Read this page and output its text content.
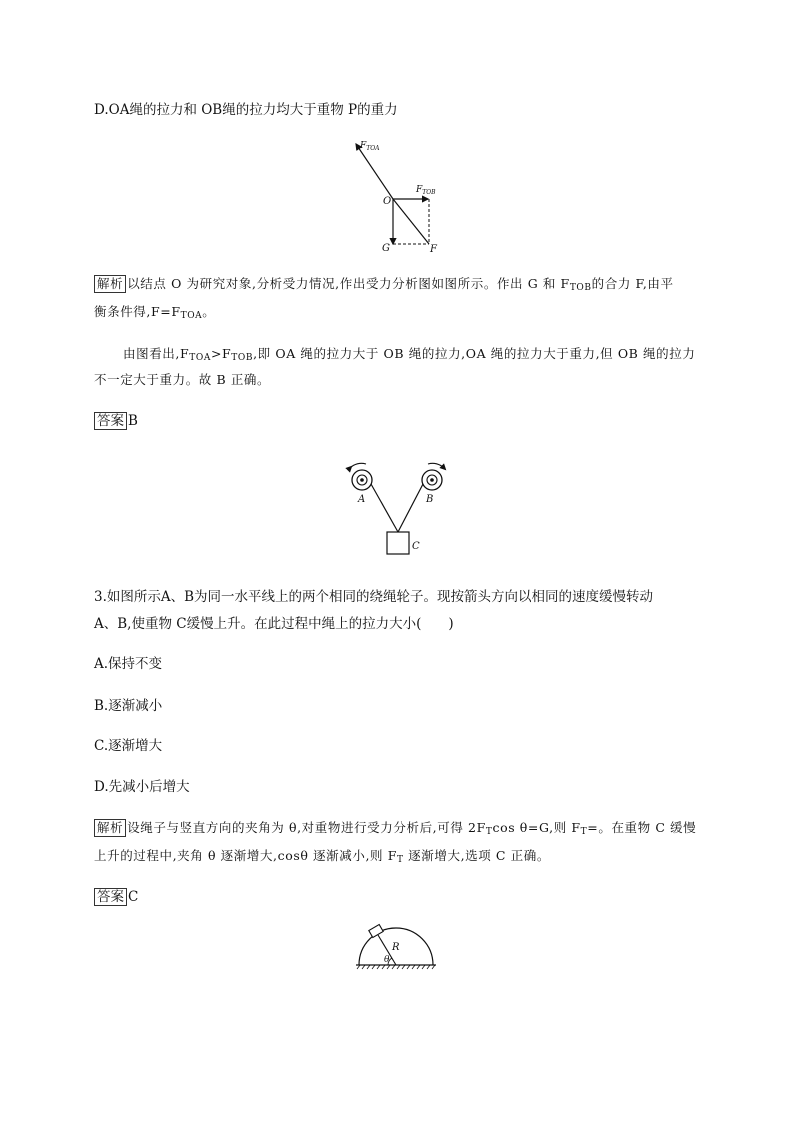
D.OA绳的拉力和 OB绳的拉力均大于重物 P的重力
$F_{TOA}$
$F_{TOB}$
O
G	F
解析 以结点 O 为研究对象,分析受力情况,作出受力分析图如图所示。作出 G 和 $F_{TOB}$的合力 F,由平
衡条件得$,F=F_{TOA}$。
由图看出$,F_{TOA}>F_{TOB}$,即 OA 绳的拉力大于 OB 绳的拉力,OA 绳的拉力大于重力,但 OB 绳的拉力
不一定大于重力。故 B 正确。
答案 B
A	B
C
3.如图所示A、B为同一水平线上的两个相同的绕绳轮子。现按箭头方向以相同的速度缓慢转动
A、B,使重物 C缓慢上升。在此过程中绳上的拉力大小(　　)
A.保持不变
B.逐渐减小
C.逐渐增大
D.先减小后增大
解析 设绳子与竖直方向的夹角为 θ,对重物进行受力分析后,可得 $2F_T\cos$ θ=G,则 $F_T=$。在重物 C 缓慢
上升的过程中,夹角 θ 逐渐增大,cosθ 逐渐减小,则 $F_T$ 逐渐增大,选项 C 正确。
答案 C
R
θ
